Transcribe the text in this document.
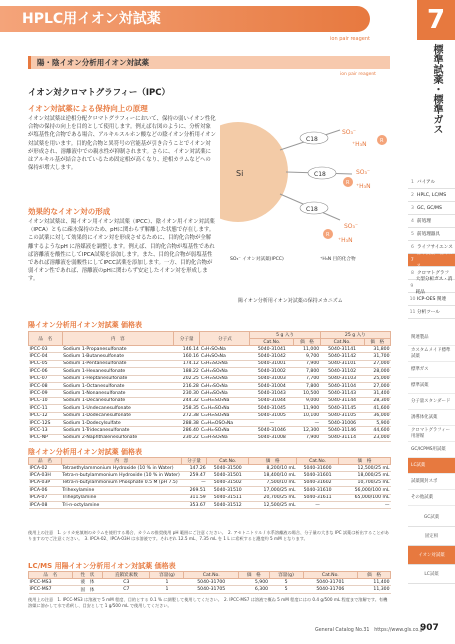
HPLC用イオン対試薬
ion pair reagent
7
標準試薬・標準ガス
陽・陰イオン分析用イオン対試薬
ion pair reagent
イオン対クロマトグラフィー（IPC）
イオン対試薬による保持向上の原理
イオン対試薬は逆相分配クロマトグラフィーにおいて、保持の弱いイオン性化合物の保持の向上を目的として使用します。例えば右図のように、分析対象が塩基性化合物である場合、アルキルスルホン酸などの陰イオン分析用イオン対試薬を用います。目的化合物と異符号の官能基が引き合うことでイオン対が形成され、溶離液中での親水性が抑制されます。さらに、イオン対試薬にはアルキル基が結合されているため固定相が高くなり、逆相カラムなどへの保持が増大します。
効果的なイオン対の形成
イオン対試薬は、陽イオン用イオン対試薬（IPCC）、陰イオン用イオン対試薬（IPCA）ともに疎水保持のため、pHに関わらず解離した状態で存在します。この試薬に対して効果的にイオン対を形成させるために、目的化合物が全解離するようなpH に溶媒液を調整します。例えば、目的化合物が塩基性であれば溶離液を酸性にしてIPCA試薬を添加します。また、目的化合物が弱塩基性であれば溶離液を弱酸性にしてIPCC試薬を添加します。一方、目的化合物が弱イオン性であれば、溶離液のpHに関わらず安定したイオン対を形成します。
Si
C18
C18
C18
SO₃⁻
⁺H₃N	R
SO₃⁻
⁺H₃N
R
SO₃⁻
⁺H₃N
R
SO₃⁻ イオン対試薬(IPCC)	⁺H₃N 目的化合物
陽イオン分析用イオン対試薬の保持メカニズム
陽イオン分析用イオン対試薬 価格表
品　名	内　容	分子量	分子式	5 g 入り		25 g 入り	
				Cat.No.	価　格	Cat.No.	価　格
IPCC-03	Sodium 1-Propanesulfonate	146.14	C₃H₇SO₃Na	5040-31041	11,000	5040-31141	31,800
IPCC-04	Sodium 1-Butanesulfonate	160.16	C₄H₉SO₃Na	5040-31042	9,700	5040-31142	31,700
IPCC-05	Sodium 1-Pentanesulfonate	174.12	C₅H₁₁SO₃Na	5040-31001	7,900	5040-31101	27,000
IPCC-06	Sodium 1-Hexanesulfonate	188.22	C₆H₁₃SO₃Na	5040-31002	7,800	5040-31102	28,000
IPCC-07	Sodium 1-Heptanesulfonate	202.25	C₇H₁₅SO₃Na	5040-31003	7,700	5040-31103	25,000
IPCC-08	Sodium 1-Octanesulfonate	216.28	C₈H₁₇SO₃Na	5040-31004	7,800	5040-31104	27,000
IPCC-09	Sodium 1-Nonanesulfonate	230.30	C₉H₁₉SO₃Na	5040-31043	10,500	5040-31143	31,400
IPCC-10	Sodium 1-Decanesulfonate	244.32	C₁₀H₂₁SO₃Na	5040-31044	9,000	5040-31144	28,300
IPCC-11	Sodium 1-Undecanesulfonate	258.35	C₁₁H₂₃SO₃Na	5040-31045	11,900	5040-31145	41,600
IPCC-12	Sodium 1-Dodecanesulfonate	272.38	C₁₂H₂₅SO₃Na	5040-31005	10,100	5040-31105	36,000
IPCC-12S	Sodium 1-Dodecylsulfate	288.38	C₁₂H₂₅OSO₃Na	—	—	5040-31006	5,900
IPCC-13	Sodium 1-Tridecanesulfonate	286.40	C₁₃H₂₇SO₃Na	5040-31046	12,300	5040-31146	44,600
IPCC-NP	Sodium 2-Naphthalenesulfonate	230.22	C₁₀H₇SO₃Na	5040-31008	7,900	5040-31114	23,000
陰イオン分析用イオン対試薬 価格表
品　名	内　容	分子量	Cat.No.	価　格	Cat.No.	価　格
IPCA-02	Tetraethylammonium Hydroxide (10 % in Water)	147.26	5040-31500	8,200/10 mL	5040-31600	12,500/25 mL
IPCA-03H	Tetra-n-butylammonium Hydroxide (10 % in Water)	259.47	5040-31501	18,400/10 mL	5040-31601	18,000/25 mL
IPCA-03P	Tetra-n-butylammonium Phosphate 0.5 M (pH 7.5)	—	5040-31502	7,500/10 mL	5040-31602	10,700/25 mL
IPCA-06	Trihexylamine	269.51	5040-31510	17,000/25 mL	5040-31610	56,000/100 mL
IPCA-07	Triheptylamine	311.59	5040-31511	20,700/25 mL	5040-31611	65,000/100 mL
IPCA-08	Tri-n-octylamine	353.67	5040-31512	12,500/25 mL	—	—
使用上の注意　1. シリカ充填剤のカラムを使用する場合、カラムの推奨使用 pH 範囲にご注意ください。　2. アセトニトリル / 水系溶離液の場合、分子量の大きな IPC 試薬は析出することがありますのでご注意ください。　3. IPCA-02、IPCA-03H は水溶液です。それぞれ 12.5 mL、7.35 mL を 1 L に希釈すると濃度約 5 mM となります。
LC/MS 用陽イオン分析用イオン対試薬 価格表
品　名	性　状	直鎖炭素数	容量(g)	Cat.No.	価　格	容量(g)	Cat.No.	価　格
IPCC-MS3	液　体	C3	1	5040-31700	5,900	5	5040-31701	11,400
IPCC-MS7	固　体	C7	1	5040-31705	6,300	5	5040-31706	11,300
使用上の注意　1. IPCC-MS3 は溶液で 5 mM 程度、目的とする 0.1 % に調製して使用してください。　2. IPCC-MS7 は溶液で概ね 5 mM 程度にはの 0.4 g/500 mL 程度まで溶解です。有機溶媒に溶かして水で希釈し、目安として 1 g/500 mL で使用してください。
1 バイアル
2 HPLC, LC/MS
3 GC, GC/MS
4 前処理
5 前処理器具
6 ライフサイエンス
7
標準試薬・標準ガス
8 クロマトグラフ
9
大型分析ガス・消耗品
10 ICP-OES 関連
11 分析ツール
関連製品
カスタムメイド標準試薬
標準ガス
標準試薬
分子量スタンダード
誘導体化試薬
クロマトグラフィー用溶媒
GC/ICPMS用試薬
LC試薬
試薬開封スポ
その他試薬
GC試薬
固定相
イオン対試薬
LC試薬
General Catalog No.31　https://www.gls.co.jp
907
